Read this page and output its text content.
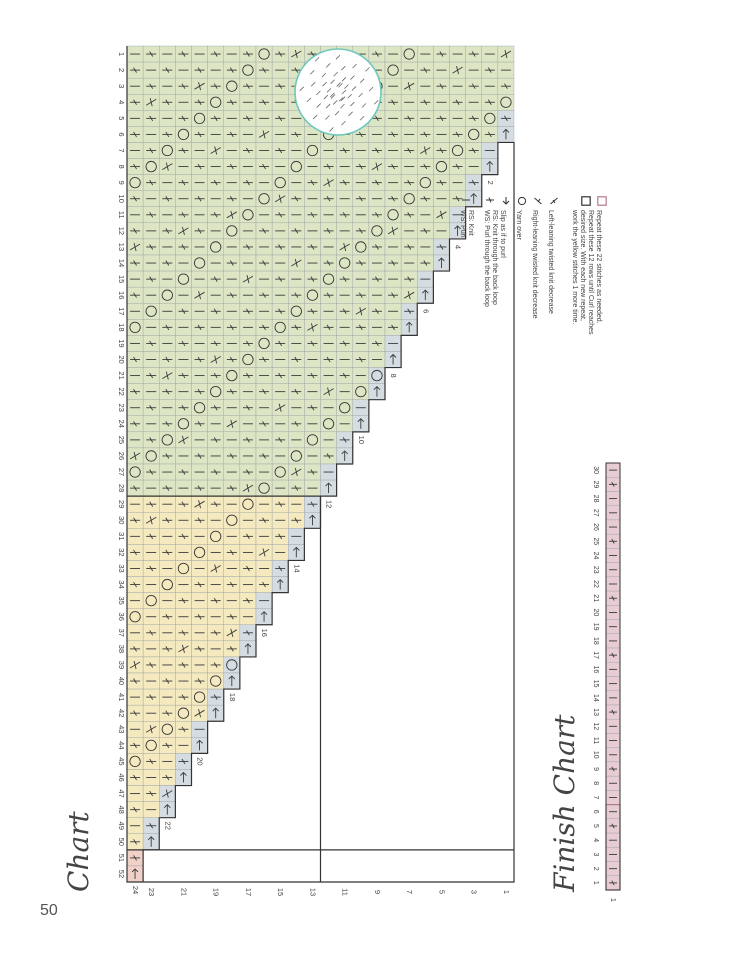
1
2
3
4
5
6
7
8
9
10
11
12
13
14
15
16
17
18
19
20
21
22
23
24
25
26
27
28
29
30
31
32
33
34
35
36
37
38
39
40
41
42
43
44
45
46
47
48
49
50
51
52
1
3
5
7
9
11
13
15
17
19
21
23
2
4
6
8
10
12
14
16
18
20
22
24
1
2
3
4
5
6
7
8
9
10
11
12
13
14
15
16
17
18
19
20
21
22
23
24
25
26
27
28
29
30
1
Chart	Finish Chart
50
RS: Knit
WS: Purl	RS: Knit through the back loop
WS: Purl through the back loop Slip as if to purl Yarn over Right-leaning twisted knit decrease Left-leaning twisted knit decrease	Repeat these 12 rows until Curl reaches
desired size. With each new repeat,
work the yellow stitches 1 more time. Repeat these 22 stitches as needed.
